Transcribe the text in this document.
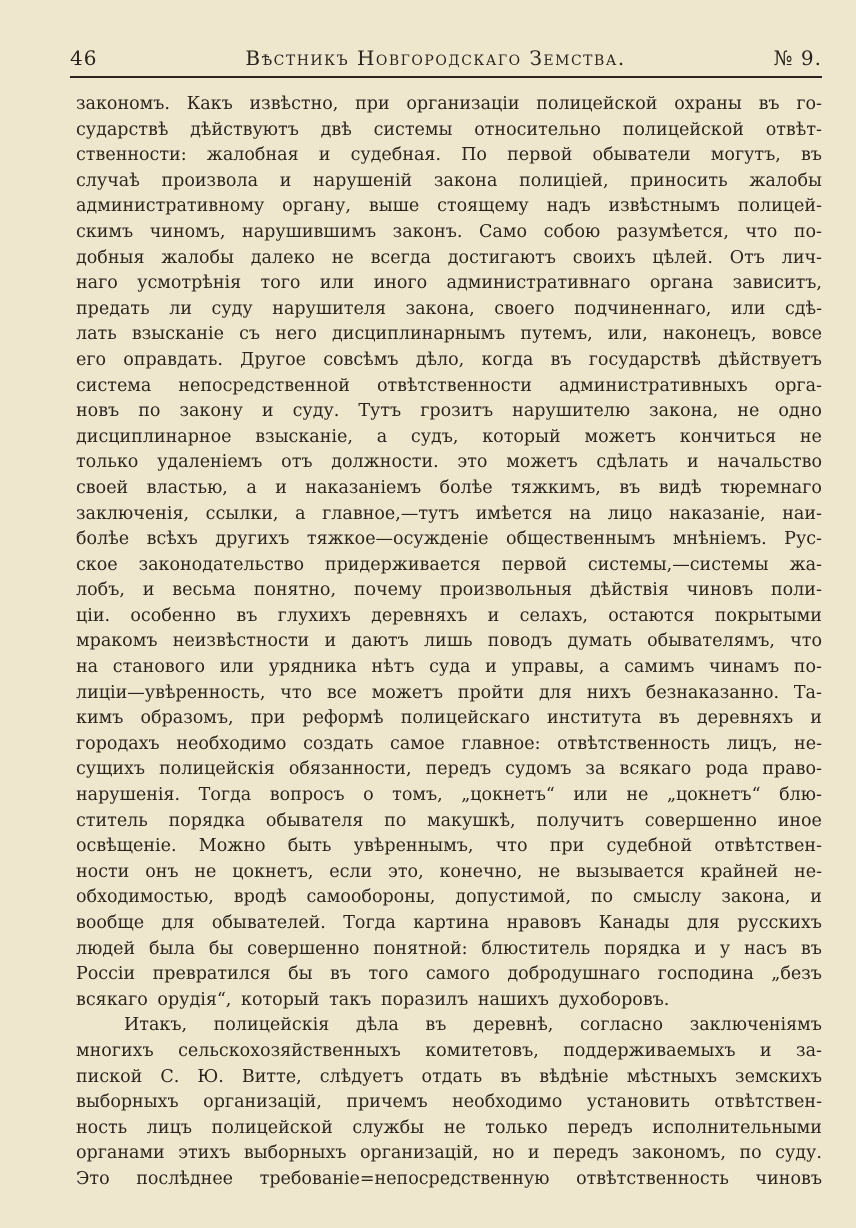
46	Вѣстникъ Новгородскаго Земства.	№ 9.
закономъ. Какъ извѣстно, при организаціи полицейской охраны въ го-
сударствѣ дѣйствуютъ двѣ системы относительно полицейской отвѣт-
ственности: жалобная и судебная. По первой обыватели могутъ, въ
случаѣ произвола и нарушеній закона полиціей, приносить жалобы
административному органу, выше стоящему надъ извѣстнымъ полицей-
скимъ чиномъ, нарушившимъ законъ. Само собою разумѣется, что по-
добныя жалобы далеко не всегда достигаютъ своихъ цѣлей. Отъ лич-
наго усмотрѣнія того или иного административнаго органа зависитъ,
предать ли суду нарушителя закона, своего подчиненнаго, или сдѣ-
лать взысканіе съ него дисциплинарнымъ путемъ, или, наконецъ, вовсе
его оправдать. Другое совсѣмъ дѣло, когда въ государствѣ дѣйствуетъ
система непосредственной отвѣтственности административныхъ орга-
новъ по закону и суду. Тутъ грозитъ нарушителю закона, не одно
дисциплинарное взысканіе, а судъ, который можетъ кончиться не
только удаленіемъ отъ должности. это можетъ сдѣлать и начальство
своей властью, а и наказаніемъ болѣе тяжкимъ, въ видѣ тюремнаго
заключенія, ссылки, а главное,—тутъ имѣется на лицо наказаніе, наи-
болѣе всѣхъ другихъ тяжкое—осужденіе общественнымъ мнѣніемъ. Рус-
ское законодательство придерживается первой системы,—системы жа-
лобъ, и весьма понятно, почему произвольныя дѣйствія чиновъ поли-
ціи. особенно въ глухихъ деревняхъ и селахъ, остаются покрытыми
мракомъ неизвѣстности и даютъ лишь поводъ думать обывателямъ, что
на станового или урядника нѣтъ суда и управы, а самимъ чинамъ по-
лиціи—увѣренность, что все можетъ пройти для нихъ безнаказанно. Та-
кимъ образомъ, при реформѣ полицейскаго института въ деревняхъ и
городахъ необходимо создать самое главное: отвѣтственность лицъ, не-
сущихъ полицейскія обязанности, передъ судомъ за всякаго рода право-
нарушенія. Тогда вопросъ о томъ, „цокнетъ“ или не „цокнетъ“ блю-
ститель порядка обывателя по макушкѣ, получитъ совершенно иное
освѣщеніе. Можно быть увѣреннымъ, что при судебной отвѣтствен-
ности онъ не цокнетъ, если это, конечно, не вызывается крайней не-
обходимостью, вродѣ самообороны, допустимой, по смыслу закона, и
вообще для обывателей. Тогда картина нравовъ Канады для русскихъ
людей была бы совершенно понятной: блюститель порядка и у насъ въ
Россіи превратился бы въ того самого добродушнаго господина „безъ
всякаго орудія“, который такъ поразилъ нашихъ духоборовъ.
Итакъ, полицейскія дѣла въ деревнѣ, согласно заключеніямъ
многихъ сельскохозяйственныхъ комитетовъ, поддерживаемыхъ и за-
пиской С. Ю. Витте, слѣдуетъ отдать въ вѣдѣніе мѣстныхъ земскихъ
выборныхъ организацій, причемъ необходимо установить отвѣтствен-
ность лицъ полицейской службы не только передъ исполнительными
органами этихъ выборныхъ организацій, но и передъ закономъ, по суду.
Это послѣднее требованіе=непосредственную отвѣтственность чиновъ
